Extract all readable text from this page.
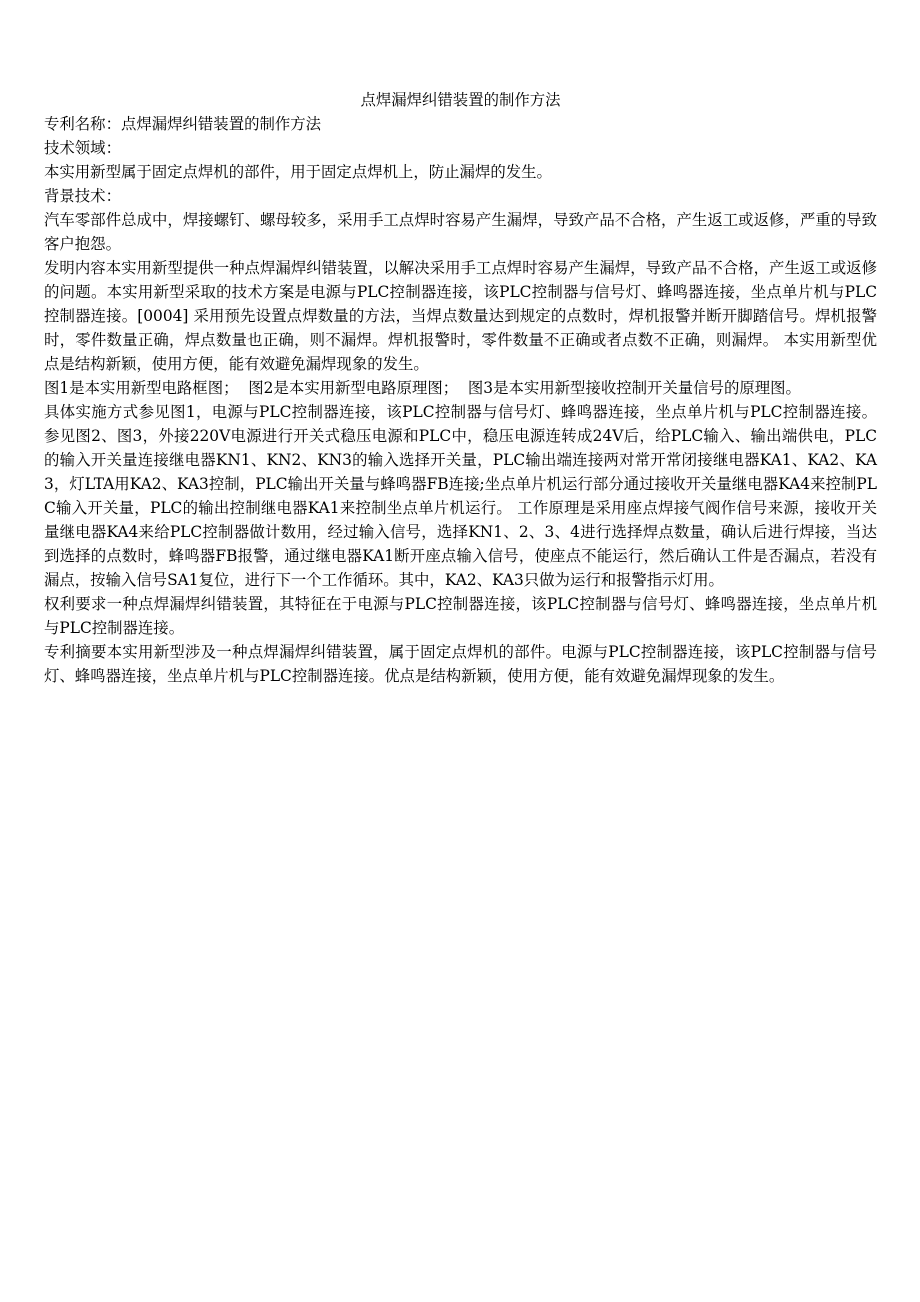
点焊漏焊纠错装置的制作方法

专利名称：点焊漏焊纠错装置的制作方法

技术领域：

本实用新型属于固定点焊机的部件，用于固定点焊机上，防止漏焊的发生。

背景技术：

汽车零部件总成中，焊接螺钉、螺母较多，采用手工点焊时容易产生漏焊，导致产品不合格，产生返工或返修，严重的导致客户抱怨。

发明内容本实用新型提供一种点焊漏焊纠错装置，以解决采用手工点焊时容易产生漏焊，导致产品不合格，产生返工或返修的问题。本实用新型采取的技术方案是电源与PLC控制器连接，该PLC控制器与信号灯、蜂鸣器连接，坐点单片机与PLC控制器连接。[0004] 采用预先设置点焊数量的方法，当焊点数量达到规定的点数时，焊机报警并断开脚踏信号。焊机报警时，零件数量正确，焊点数量也正确，则不漏焊。焊机报警时，零件数量不正确或者点数不正确，则漏焊。 本实用新型优点是结构新颖，使用方便，能有效避免漏焊现象的发生。

图1是本实用新型电路框图；  图2是本实用新型电路原理图；  图3是本实用新型接收控制开关量信号的原理图。

具体实施方式参见图1，电源与PLC控制器连接，该PLC控制器与信号灯、蜂鸣器连接，坐点单片机与PLC控制器连接。 参见图2、图3，外接220V电源进行开关式稳压电源和PLC中，稳压电源连转成24V后，给PLC输入、输出端供电，PLC的输入开关量连接继电器KN1、KN2、KN3的输入选择开关量，PLC输出端连接两对常开常闭接继电器KA1、KA2、KA3，灯LTA用KA2、KA3控制，PLC输出开关量与蜂鸣器FB连接;坐点单片机运行部分通过接收开关量继电器KA4来控制PLC输入开关量，PLC的输出控制继电器KA1来控制坐点单片机运行。 工作原理是采用座点焊接气阀作信号来源，接收开关量继电器KA4来给PLC控制器做计数用，经过输入信号，选择KN1、2、3、4进行选择焊点数量，确认后进行焊接，当达到选择的点数时，蜂鸣器FB报警，通过继电器KA1断开座点输入信号，使座点不能运行，然后确认工件是否漏点，若没有漏点，按输入信号SA1复位，进行下一个工作循环。其中，KA2、KA3只做为运行和报警指示灯用。

权利要求一种点焊漏焊纠错装置，其特征在于电源与PLC控制器连接，该PLC控制器与信号灯、蜂鸣器连接，坐点单片机与PLC控制器连接。

专利摘要本实用新型涉及一种点焊漏焊纠错装置，属于固定点焊机的部件。电源与PLC控制器连接，该PLC控制器与信号灯、蜂鸣器连接，坐点单片机与PLC控制器连接。优点是结构新颖，使用方便，能有效避免漏焊现象的发生。
